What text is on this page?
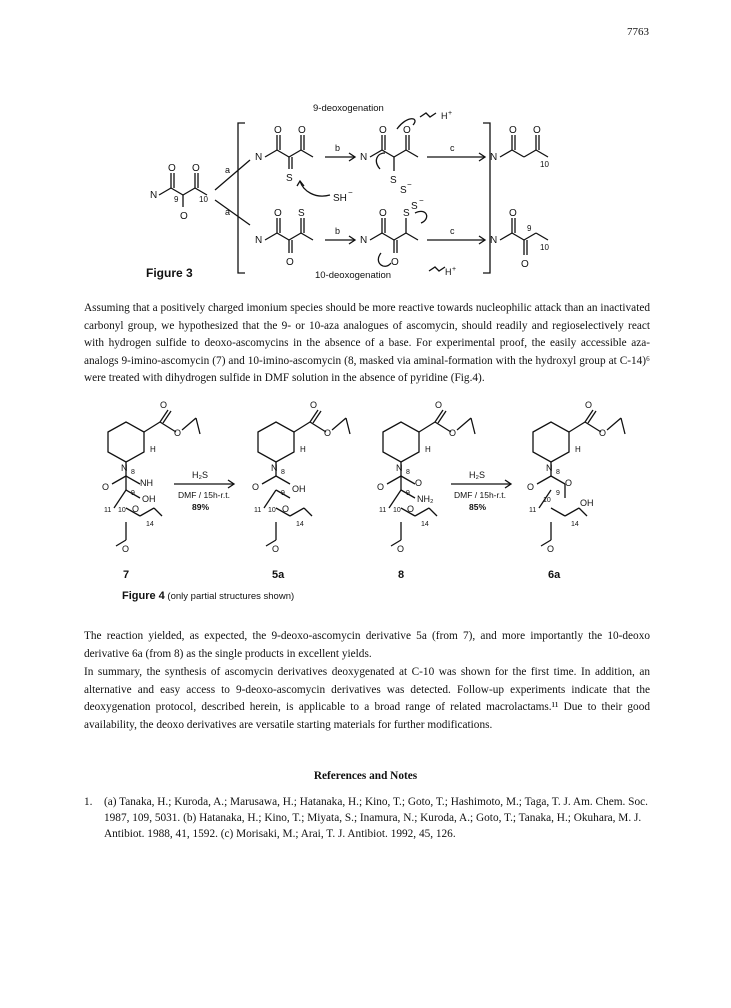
7763
9-deoxogenation
10-deoxogenation
H +
H +
N
O O
O
9	10
a
a
N
O O
S
b
N
O O
S
S
−
c
N
O O
10
SH
−
N
O S
O
b
N
O S
S
−
O
c
N
O
O
9
10
Figure 3

Assuming that a positively charged imonium species should be more reactive towards nucleophilic attack than an inactivated carbonyl group, we hypothesized that the 9- or 10-aza analogues of ascomycin, should readily and regioselectively react with hydrogen sulfide to deoxo-ascomycins in the absence of a base. For experimental proof, the easily accessible aza-analogs 9-imino-ascomycin (7) and 10-imino-ascomycin (8, masked via aminal-formation with the hydroxyl group at C-14)⁶ were treated with dihydrogen sulfide in DMF solution in the absence of pyridine (Fig.4).

N
H
O
O
8
O	NH
9
OH
11 10 O
14
O
N
H
O
O
8
O
9 OH
11 10 O
14
O
N
H
O
O
8
O	O
9
NH₂
11 10 O
14
O
N
H
O
O
8
O	O
9
10	OH
11
14
O
H₂S
DMF / 15h-r.t.
89%
H₂S
DMF / 15h-r.t.
85%
7	5a	8	6a
Figure 4 (only partial structures shown)

The reaction yielded, as expected, the 9-deoxo-ascomycin derivative 5a (from 7), and more importantly the 10-deoxo derivative 6a (from 8) as the single products in excellent yields.

In summary, the synthesis of ascomycin derivatives deoxygenated at C-10 was shown for the first time. In addition, an alternative and easy access to 9-deoxo-ascomycin derivatives was detected. Follow-up experiments indicate that the deoxygenation protocol, described herein, is applicable to a broad range of related macrolactams.¹¹ Due to their good availability, the deoxo derivatives are versatile starting materials for further modifications.

References and Notes
1. (a) Tanaka, H.; Kuroda, A.; Marusawa, H.; Hatanaka, H.; Kino, T.; Goto, T.; Hashimoto, M.; Taga, T. J. Am. Chem. Soc. 1987, 109, 5031. (b) Hatanaka, H.; Kino, T.; Miyata, S.; Inamura, N.; Kuroda, A.; Goto, T.; Tanaka, H.; Okuhara, M. J. Antibiot. 1988, 41, 1592. (c) Morisaki, M.; Arai, T. J. Antibiot. 1992, 45, 126.
